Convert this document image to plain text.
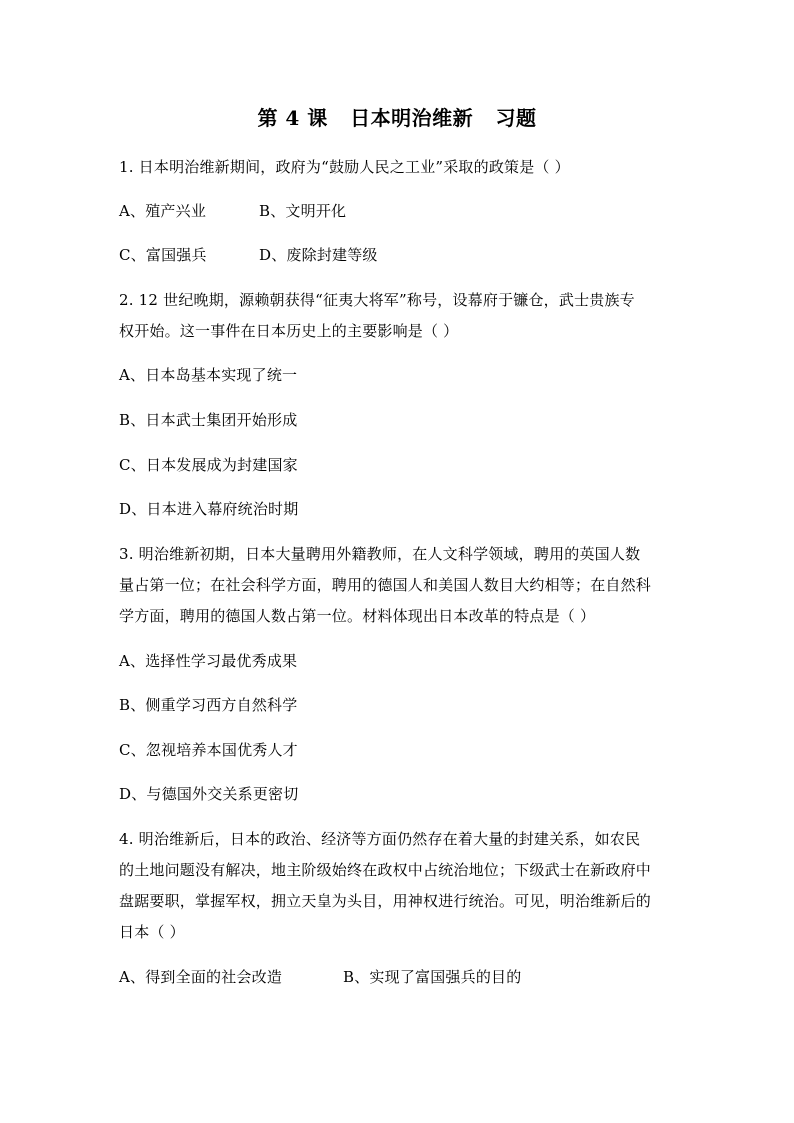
第 4 课   日本明治维新   习题
1. 日本明治维新期间，政府为“鼓励人民之工业”采取的政策是（ ）
A、殖产兴业	B、文明开化
C、富国强兵	D、废除封建等级
2. 12 世纪晚期，源赖朝获得“征夷大将军”称号，设幕府于镰仓，武士贵族专
权开始。这一事件在日本历史上的主要影响是（ ）
A、日本岛基本实现了统一
B、日本武士集团开始形成
C、日本发展成为封建国家
D、日本进入幕府统治时期
3. 明治维新初期，日本大量聘用外籍教师，在人文科学领域，聘用的英国人数
量占第一位；在社会科学方面，聘用的德国人和美国人数目大约相等；在自然科
学方面，聘用的德国人数占第一位。材料体现出日本改革的特点是（ ）
A、选择性学习最优秀成果
B、侧重学习西方自然科学
C、忽视培养本国优秀人才
D、与德国外交关系更密切
4. 明治维新后，日本的政治、经济等方面仍然存在着大量的封建关系，如农民
的土地问题没有解决，地主阶级始终在政权中占统治地位；下级武士在新政府中
盘踞要职，掌握军权，拥立天皇为头目，用神权进行统治。可见，明治维新后的
日本（ ）
A、得到全面的社会改造	B、实现了富国强兵的目的
